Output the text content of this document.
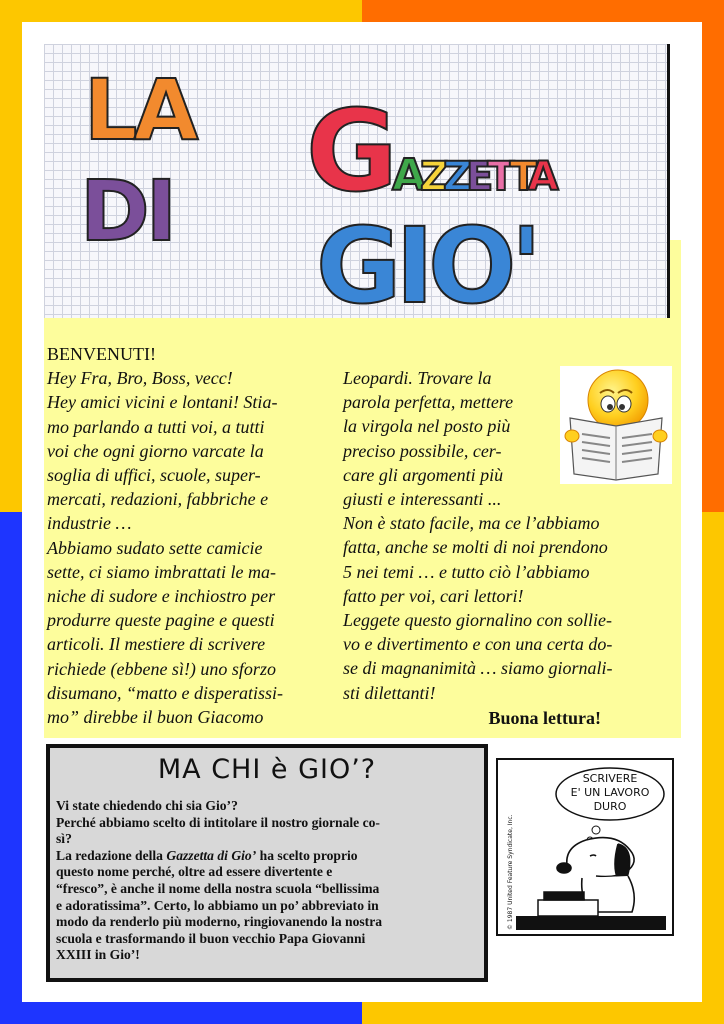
LA
DI GAZZETTA
GIO'

BENVENUTI!

Hey Fra, Bro, Boss, vecc!

Hey amici vicini e lontani! Stia-

mo parlando a tutti voi, a tutti

voi che ogni giorno varcate la

soglia di uffici, scuole, super-

mercati, redazioni, fabbriche e

industrie …

Abbiamo sudato sette camicie

sette, ci siamo imbrattati le ma-

niche di sudore e inchiostro per

produrre queste pagine e questi

articoli. Il mestiere di scrivere

richiede (ebbene sì!) uno sforzo

disumano, “matto e disperatissi-

mo” direbbe il buon Giacomo

Leopardi. Trovare la

parola perfetta, mettere

la virgola nel posto più

preciso possibile, cer-

care gli argomenti più

giusti e interessanti ...

Non è stato facile, ma ce l’abbiamo

fatta, anche se molti di noi prendono

5 nei temi … e tutto ciò l’abbiamo

fatto per voi, cari lettori!

Leggete questo giornalino con sollie-

vo e divertimento e con una certa do-

se di magnanimità … siamo giornali-

sti dilettanti!

Buona lettura!
MA CHI è GIO’?

Vi state chiedendo chi sia Gio’?

Perché abbiamo scelto di intitolare il nostro giornale co-

sì?

La redazione della Gazzetta di Gio’ ha scelto proprio

questo nome perché, oltre ad essere divertente e

“fresco”, è anche il nome della nostra scuola “bellissima

e adoratissima”. Certo, lo abbiamo un po’ abbreviato in

modo da renderlo più moderno, ringiovanendo la nostra

scuola e trasformando il buon vecchio Papa Giovanni

XXIII in Gio’!

SCRIVERE
E' UN LAVORO
DURO
© 1987 United Feature Syndicate, Inc.
